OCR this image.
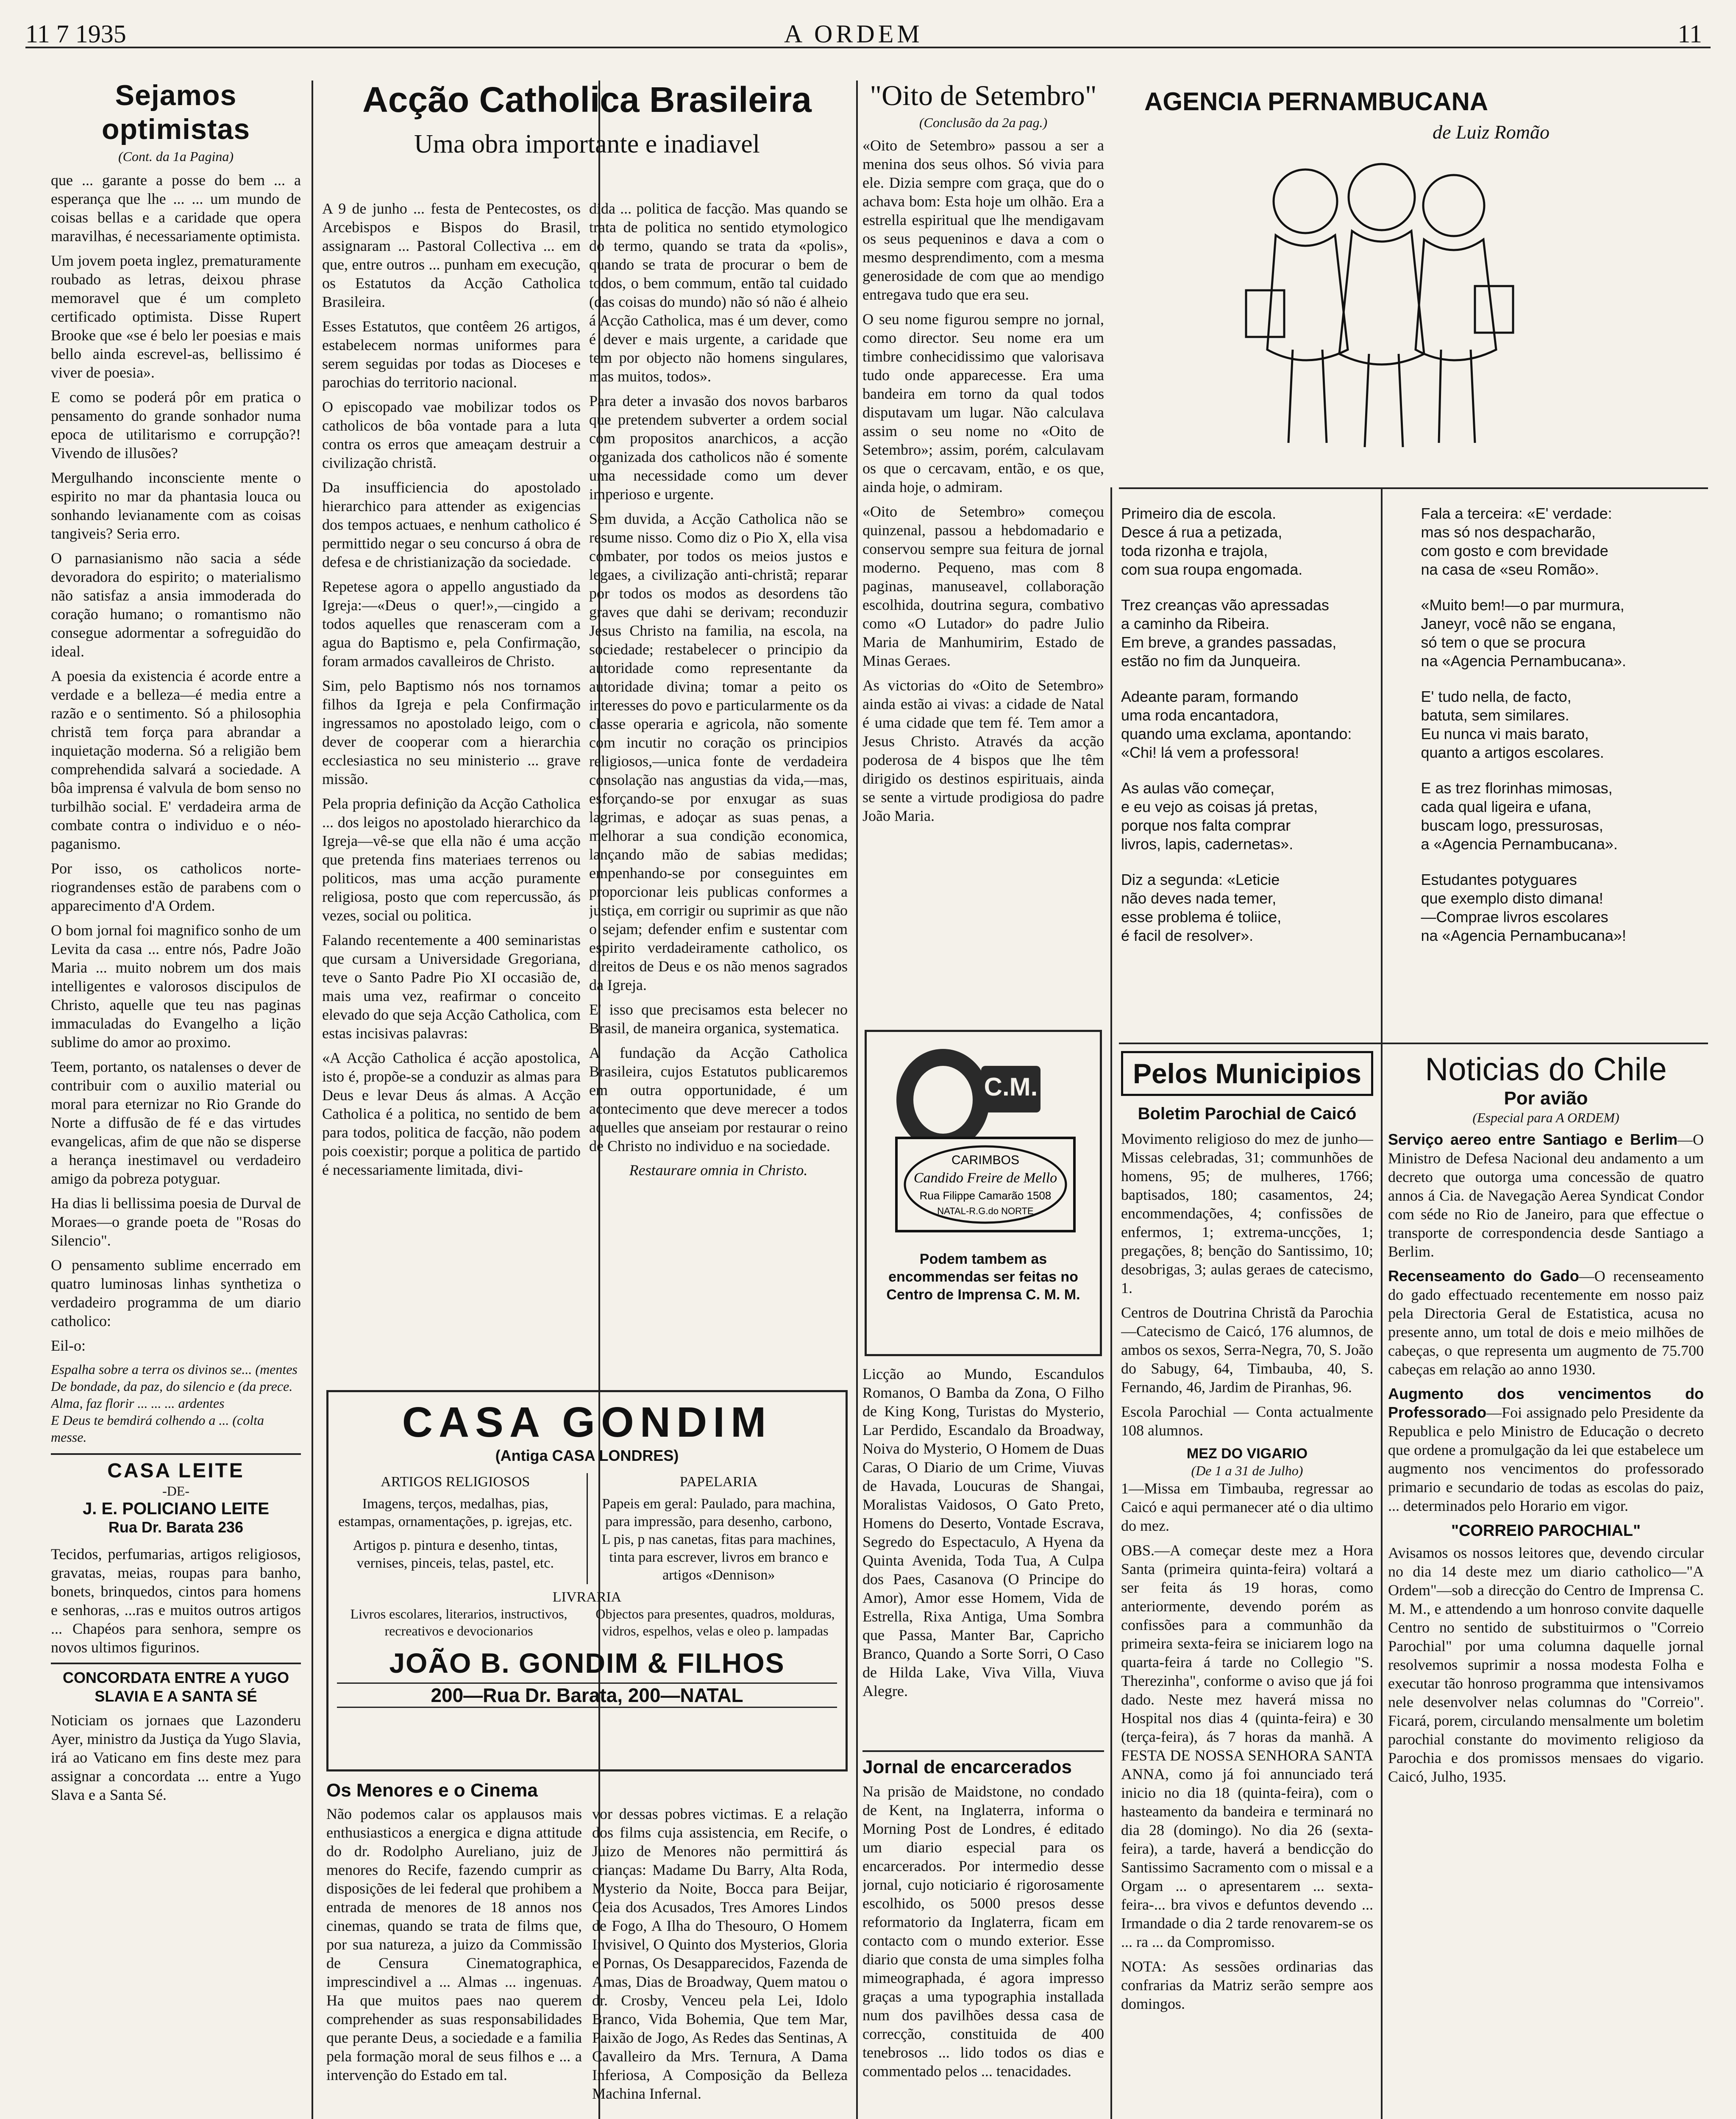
11 7 1935	A ORDEM	11
Sejamos optimistas
(Cont. da 1a Pagina)

que ... garante a posse do bem ... a esperança que lhe ... ... um mundo de coisas bellas e a caridade que opera maravilhas, é necessariamente optimista.

Um jovem poeta inglez, prematuramente roubado as letras, deixou phrase memoravel que é um completo certificado optimista. Disse Rupert Brooke que «se é belo ler poesias e mais bello ainda escrevel-as, bellissimo é viver de poesia».

E como se poderá pôr em pratica o pensamento do grande sonhador numa epoca de utilitarismo e corrupção?! Vivendo de illusões?

Mergulhando inconsciente mente o espirito no mar da phantasia louca ou sonhando levianamente com as coisas tangiveis? Seria erro.

O parnasianismo não sacia a séde devoradora do espirito; o materialismo não satisfaz a ansia immoderada do coração humano; o romantismo não consegue adormentar a sofreguidão do ideal.

A poesia da existencia é acorde entre a verdade e a belleza—é media entre a razão e o sentimento. Só a philosophia christã tem força para abrandar a inquietação moderna. Só a religião bem comprehendida salvará a sociedade. A bôa imprensa é valvula de bom senso no turbilhão social. E' verdadeira arma de combate contra o individuo e o néo-paganismo.

Por isso, os catholicos norte-riograndenses estão de parabens com o apparecimento d'A Ordem.

O bom jornal foi magnifico sonho de um Levita da casa ... entre nós, Padre João Maria ... muito nobrem um dos mais intelligentes e valorosos discipulos de Christo, aquelle que teu nas paginas immaculadas do Evangelho a lição sublime do amor ao proximo.

Teem, portanto, os natalenses o dever de contribuir com o auxilio material ou moral para eternizar no Rio Grande do Norte a diffusão de fé e das virtudes evangelicas, afim de que não se disperse a herança inestimavel ou verdadeiro amigo da pobreza potyguar.

Ha dias li bellissima poesia de Durval de Moraes—o grande poeta de "Rosas do Silencio".

O pensamento sublime encerrado em quatro luminosas linhas synthetiza o verdadeiro programma de um diario catholico:

Eil-o:

Espalha sobre a terra os divinos se... (mentes
De bondade, da paz, do silencio e (da prece.
Alma, faz florir ... ... ... ardentes
E Deus te bemdirá colhendo a ... (colta messe.
CASA LEITE
-DE-
J. E. POLICIANO LEITE
Rua Dr. Barata 236

Tecidos, perfumarias, artigos religiosos, gravatas, meias, roupas para banho, bonets, brinquedos, cintos para homens e senhoras, ...ras e muitos outros artigos ... Chapéos para senhora, sempre os novos ultimos figurinos.

CONCORDATA ENTRE A YUGO SLAVIA E A SANTA SÉ

Noticiam os jornaes que Lazonderu Ayer, ministro da Justiça da Yugo Slavia, irá ao Vaticano em fins deste mez para assignar a concordata ... entre a Yugo Slava e a Santa Sé.

Acção Catholica Brasileira
Uma obra importante e inadiavel

A 9 de junho ... festa de Pentecostes, os Arcebispos e Bispos do Brasil, assignaram ... Pastoral Collectiva ... em que, entre outros ... punham em execução, os Estatutos da Acção Catholica Brasileira.

Esses Estatutos, que contêem 26 artigos, estabelecem normas uniformes para serem seguidas por todas as Dioceses e parochias do territorio nacional.

O episcopado vae mobilizar todos os catholicos de bôa vontade para a luta contra os erros que ameaçam destruir a civilização christã.

Da insufficiencia do apostolado hierarchico para attender as exigencias dos tempos actuaes, e nenhum catholico é permittido negar o seu concurso á obra de defesa e de christianização da sociedade.

Repetese agora o appello angustiado da Igreja:—«Deus o quer!»,—cingido a todos aquelles que renasceram com a agua do Baptismo e, pela Confirmação, foram armados cavalleiros de Christo.

Sim, pelo Baptismo nós nos tornamos filhos da Igreja e pela Confirmação ingressamos no apostolado leigo, com o dever de cooperar com a hierarchia ecclesiastica no seu ministerio ... grave missão.

Pela propria definição da Acção Catholica ... dos leigos no apostolado hierarchico da Igreja—vê-se que ella não é uma acção que pretenda fins materiaes terrenos ou politicos, mas uma acção puramente religiosa, posto que com repercussão, ás vezes, social ou politica.

Falando recentemente a 400 seminaristas que cursam a Universidade Gregoriana, teve o Santo Padre Pio XI occasião de, mais uma vez, reafirmar o conceito elevado do que seja Acção Catholica, com estas incisivas palavras:

«A Acção Catholica é acção apostolica, isto é, propõe-se a conduzir as almas para Deus e levar Deus ás almas. A Acção Catholica é a politica, no sentido de bem para todos, politica de facção, não podem pois coexistir; porque a politica de partido é necessariamente limitada, divi-

dida ... politica de facção. Mas quando se trata de politica no sentido etymologico do termo, quando se trata da «polis», quando se trata de procurar o bem de todos, o bem commum, então tal cuidado (das coisas do mundo) não só não é alheio á Acção Catholica, mas é um dever, como é dever e mais urgente, a caridade que tem por objecto não homens singulares, mas muitos, todos».

Para deter a invasão dos novos barbaros que pretendem subverter a ordem social com propositos anarchicos, a acção organizada dos catholicos não é somente uma necessidade como um dever imperioso e urgente.

Sem duvida, a Acção Catholica não se resume nisso. Como diz o Pio X, ella visa combater, por todos os meios justos e legaes, a civilização anti-christã; reparar por todos os modos as desordens tão graves que dahi se derivam; reconduzir Jesus Christo na familia, na escola, na sociedade; restabelecer o principio da autoridade como representante da autoridade divina; tomar a peito os interesses do povo e particularmente os da classe operaria e agricola, não somente com incutir no coração os principios religiosos,—unica fonte de verdadeira consolação nas angustias da vida,—mas, esforçando-se por enxugar as suas lagrimas, e adoçar as suas penas, a melhorar a sua condição economica, lançando mão de sabias medidas; empenhando-se por conseguintes em proporcionar leis publicas conformes a justiça, em corrigir ou suprimir as que não o sejam; defender enfim e sustentar com espirito verdadeiramente catholico, os direitos de Deus e os não menos sagrados da Igreja.

E' isso que precisamos esta belecer no Brasil, de maneira organica, systematica.

A fundação da Acção Catholica Brasileira, cujos Estatutos publicaremos em outra opportunidade, é um acontecimento que deve merecer a todos aquelles que anseiam por restaurar o reino de Christo no individuo e na sociedade.

Restaurare omnia in Christo.
CASA GONDIM
(Antiga CASA LONDRES)
ARTIGOS RELIGIOSOS
Imagens, terços, medalhas, pias, estampas, ornamentações, p. igrejas, etc.
Artigos p. pintura e desenho, tintas, vernises, pinceis, telas, pastel, etc.
PAPELARIA
Papeis em geral: Paulado, para machina, para impressão, para desenho, carbono, L pis, p nas canetas, fitas para machines, tinta para escrever, livros em branco e artigos «Dennison»
LIVRARIA
Livros escolares, literarios, instructivos, recreativos e devocionarios
Objectos para presentes, quadros, molduras, vidros, espelhos, velas e oleo p. lampadas
JOÃO B. GONDIM & FILHOS
200—Rua Dr. Barata, 200—NATAL
Os Menores e o Cinema

Não podemos calar os applausos mais enthusiasticos a energica e digna attitude do dr. Rodolpho Aureliano, juiz de menores do Recife, fazendo cumprir as disposições de lei federal que prohibem a entrada de menores de 18 annos nos cinemas, quando se trata de films que, por sua natureza, a juizo da Commissão de Censura Cinematographica, imprescindivel a ... Almas ... ingenuas. Ha que muitos paes nao querem comprehender as suas responsabilidades que perante Deus, a sociedade e a familia pela formação moral de seus filhos e ... a intervenção do Estado em tal.

vor dessas pobres victimas. E a relação dos films cuja assistencia, em Recife, o Juizo de Menores não permittirá ás crianças: Madame Du Barry, Alta Roda, Mysterio da Noite, Bocca para Beijar, Ceia dos Acusados, Tres Amores Lindos de Fogo, A Ilha do Thesouro, O Homem Invisivel, O Quinto dos Mysterios, Gloria e Pornas, Os Desapparecidos, Fazenda de Amas, Dias de Broadway, Quem matou o dr. Crosby, Venceu pela Lei, Idolo Branco, Vida Bohemia, Que tem Mar, Paixão de Jogo, As Redes das Sentinas, A Cavalleiro da Mrs. Ternura, A Dama Inferiosa, A Composição da Belleza Machina Infernal.

"Oito de Setembro"
(Conclusão da 2a pag.)

«Oito de Setembro» passou a ser a menina dos seus olhos. Só vivia para ele. Dizia sempre com graça, que do o achava bom: Esta hoje um olhão. Era a estrella espiritual que lhe mendigavam os seus pequeninos e dava a com o mesmo desprendimento, com a mesma generosidade de com que ao mendigo entregava tudo que era seu.

O seu nome figurou sempre no jornal, como director. Seu nome era um timbre conhecidissimo que valorisava tudo onde apparecesse. Era uma bandeira em torno da qual todos disputavam um lugar. Não calculava assim o seu nome no «Oito de Setembro»; assim, porém, calculavam os que o cercavam, então, e os que, ainda hoje, o admiram.

«Oito de Setembro» começou quinzenal, passou a hebdomadario e conservou sempre sua feitura de jornal moderno. Pequeno, mas com 8 paginas, manuseavel, collaboração escolhida, doutrina segura, combativo como «O Lutador» do padre Julio Maria de Manhumirim, Estado de Minas Geraes.

As victorias do «Oito de Setembro» ainda estão ai vivas: a cidade de Natal é uma cidade que tem fé. Tem amor a Jesus Christo. Através da acção poderosa de 4 bispos que lhe têm dirigido os destinos espirituais, ainda se sente a virtude prodigiosa do padre João Maria.

C.M.
CARIMBOS
Candido Freire de Mello
Rua Filippe Camarão 1508
NATAL-R.G.do NORTE
Podem tambem as encommendas ser feitas no Centro de Imprensa C. M. M.

Licção ao Mundo, Escandulos Romanos, O Bamba da Zona, O Filho de King Kong, Turistas do Mysterio, Lar Perdido, Escandalo da Broadway, Noiva do Mysterio, O Homem de Duas Caras, O Diario de um Crime, Viuvas de Havada, Loucuras de Shangai, Moralistas Vaidosos, O Gato Preto, Homens do Deserto, Vontade Escrava, Segredo do Espectaculo, A Hyena da Quinta Avenida, Toda Tua, A Culpa dos Paes, Casanova (O Principe do Amor), Amor esse Homem, Vida de Estrella, Rixa Antiga, Uma Sombra que Passa, Manter Bar, Capricho Branco, Quando a Sorte Sorri, O Caso de Hilda Lake, Viva Villa, Viuva Alegre.

Jornal de encarcerados

Na prisão de Maidstone, no condado de Kent, na Inglaterra, informa o Morning Post de Londres, é editado um diario especial para os encarcerados. Por intermedio desse jornal, cujo noticiario é rigorosamente escolhido, os 5000 presos desse reformatorio da Inglaterra, ficam em contacto com o mundo exterior. Esse diario que consta de uma simples folha mimeographada, é agora impresso graças a uma typographia installada num dos pavilhões dessa casa de correcção, constituida de 400 tenebrosos ... lido todos os dias e commentado pelos ... tenacidades.

AGENCIA PERNAMBUCANA
de Luiz Romão
Primeiro dia de escola.
Desce á rua a petizada,
toda rizonha e trajola,
com sua roupa engomada.
Trez creanças vão apressadas
a caminho da Ribeira.
Em breve, a grandes passadas,
estão no fim da Junqueira.
Adeante param, formando
uma roda encantadora,
quando uma exclama, apontando:
«Chi! lá vem a professora!
As aulas vão começar,
e eu vejo as coisas já pretas,
porque nos falta comprar
livros, lapis, cadernetas».
Diz a segunda: «Leticie
não deves nada temer,
esse problema é toliice,
é facil de resolver».
Fala a terceira: «E' verdade:
mas só nos despacharão,
com gosto e com brevidade
na casa de «seu Romão».
«Muito bem!—o par murmura,
Janeyr, você não se engana,
só tem o que se procura
na «Agencia Pernambucana».
E' tudo nella, de facto,
batuta, sem similares.
Eu nunca vi mais barato,
quanto a artigos escolares.
E as trez florinhas mimosas,
cada qual ligeira e ufana,
buscam logo, pressurosas,
a «Agencia Pernambucana».
Estudantes potyguares
que exemplo disto dimana!
—Comprae livros escolares
na «Agencia Pernambucana»!
Pelos Municipios
Boletim Parochial de Caicó

Movimento religioso do mez de junho—Missas celebradas, 31; communhões de homens, 95; de mulheres, 1766; baptisados, 180; casamentos, 24; encommendações, 4; confissões de enfermos, 1; extrema-uncções, 1; pregações, 8; benção do Santissimo, 10; desobrigas, 3; aulas geraes de catecismo, 1.

Centros de Doutrina Christã da Parochia—Catecismo de Caicó, 176 alumnos, de ambos os sexos, Serra-Negra, 70, S. João do Sabugy, 64, Timbauba, 40, S. Fernando, 46, Jardim de Piranhas, 96.

Escola Parochial — Conta actualmente 108 alumnos.

MEZ DO VIGARIO
(De 1 a 31 de Julho)

1—Missa em Timbauba, regressar ao Caicó e aqui permanecer até o dia ultimo do mez.

OBS.—A começar deste mez a Hora Santa (primeira quinta-feira) voltará a ser feita ás 19 horas, como anteriormente, devendo porém as confissões para a communhão da primeira sexta-feira se iniciarem logo na quarta-feira á tarde no Collegio "S. Therezinha", conforme o aviso que já foi dado. Neste mez haverá missa no Hospital nos dias 4 (quinta-feira) e 30 (terça-feira), ás 7 horas da manhã. A FESTA DE NOSSA SENHORA SANTA ANNA, como já foi annunciado terá inicio no dia 18 (quinta-feira), com o hasteamento da bandeira e terminará no dia 28 (domingo). No dia 26 (sexta-feira), a tarde, haverá a bendicção do Santissimo Sacramento com o missal e a Orgam ... o apresentarem ... sexta-feira-... bra vivos e defuntos devendo ... Irmandade o dia 2 tarde renovarem-se os ... ra ... da Compromisso.

NOTA: As sessões ordinarias das confrarias da Matriz serão sempre aos domingos.

Noticias do Chile
Por avião
(Especial para A ORDEM)

Serviço aereo entre Santiago e Berlim—O Ministro de Defesa Nacional deu andamento a um decreto que outorga uma concessão de quatro annos á Cia. de Navegação Aerea Syndicat Condor com séde no Rio de Janeiro, para que effectue o transporte de correspondencia desde Santiago a Berlim.

Recenseamento do Gado—O recenseamento do gado effectuado recentemente em nosso paiz pela Directoria Geral de Estatistica, acusa no presente anno, um total de dois e meio milhões de cabeças, o que representa um augmento de 75.700 cabeças em relação ao anno 1930.

Augmento dos vencimentos do Professorado—Foi assignado pelo Presidente da Republica e pelo Ministro de Educação o decreto que ordene a promulgação da lei que estabelece um augmento nos vencimentos do professorado primario e secundario de todas as escolas do paiz, ... determinados pelo Horario em vigor.

"CORREIO PAROCHIAL"

Avisamos os nossos leitores que, devendo circular no dia 14 deste mez um diario catholico—"A Ordem"—sob a direcção do Centro de Imprensa C. M. M., e attendendo a um honroso convite daquelle Centro no sentido de substituirmos o "Correio Parochial" por uma columna daquelle jornal resolvemos suprimir a nossa modesta Folha e executar tão honroso programma que intensivamos nele desenvolver nelas columnas do "Correio". Ficará, porem, circulando mensalmente um boletim parochial constante do movimento religioso da Parochia e dos promissos mensaes do vigario. Caicó, Julho, 1935.
